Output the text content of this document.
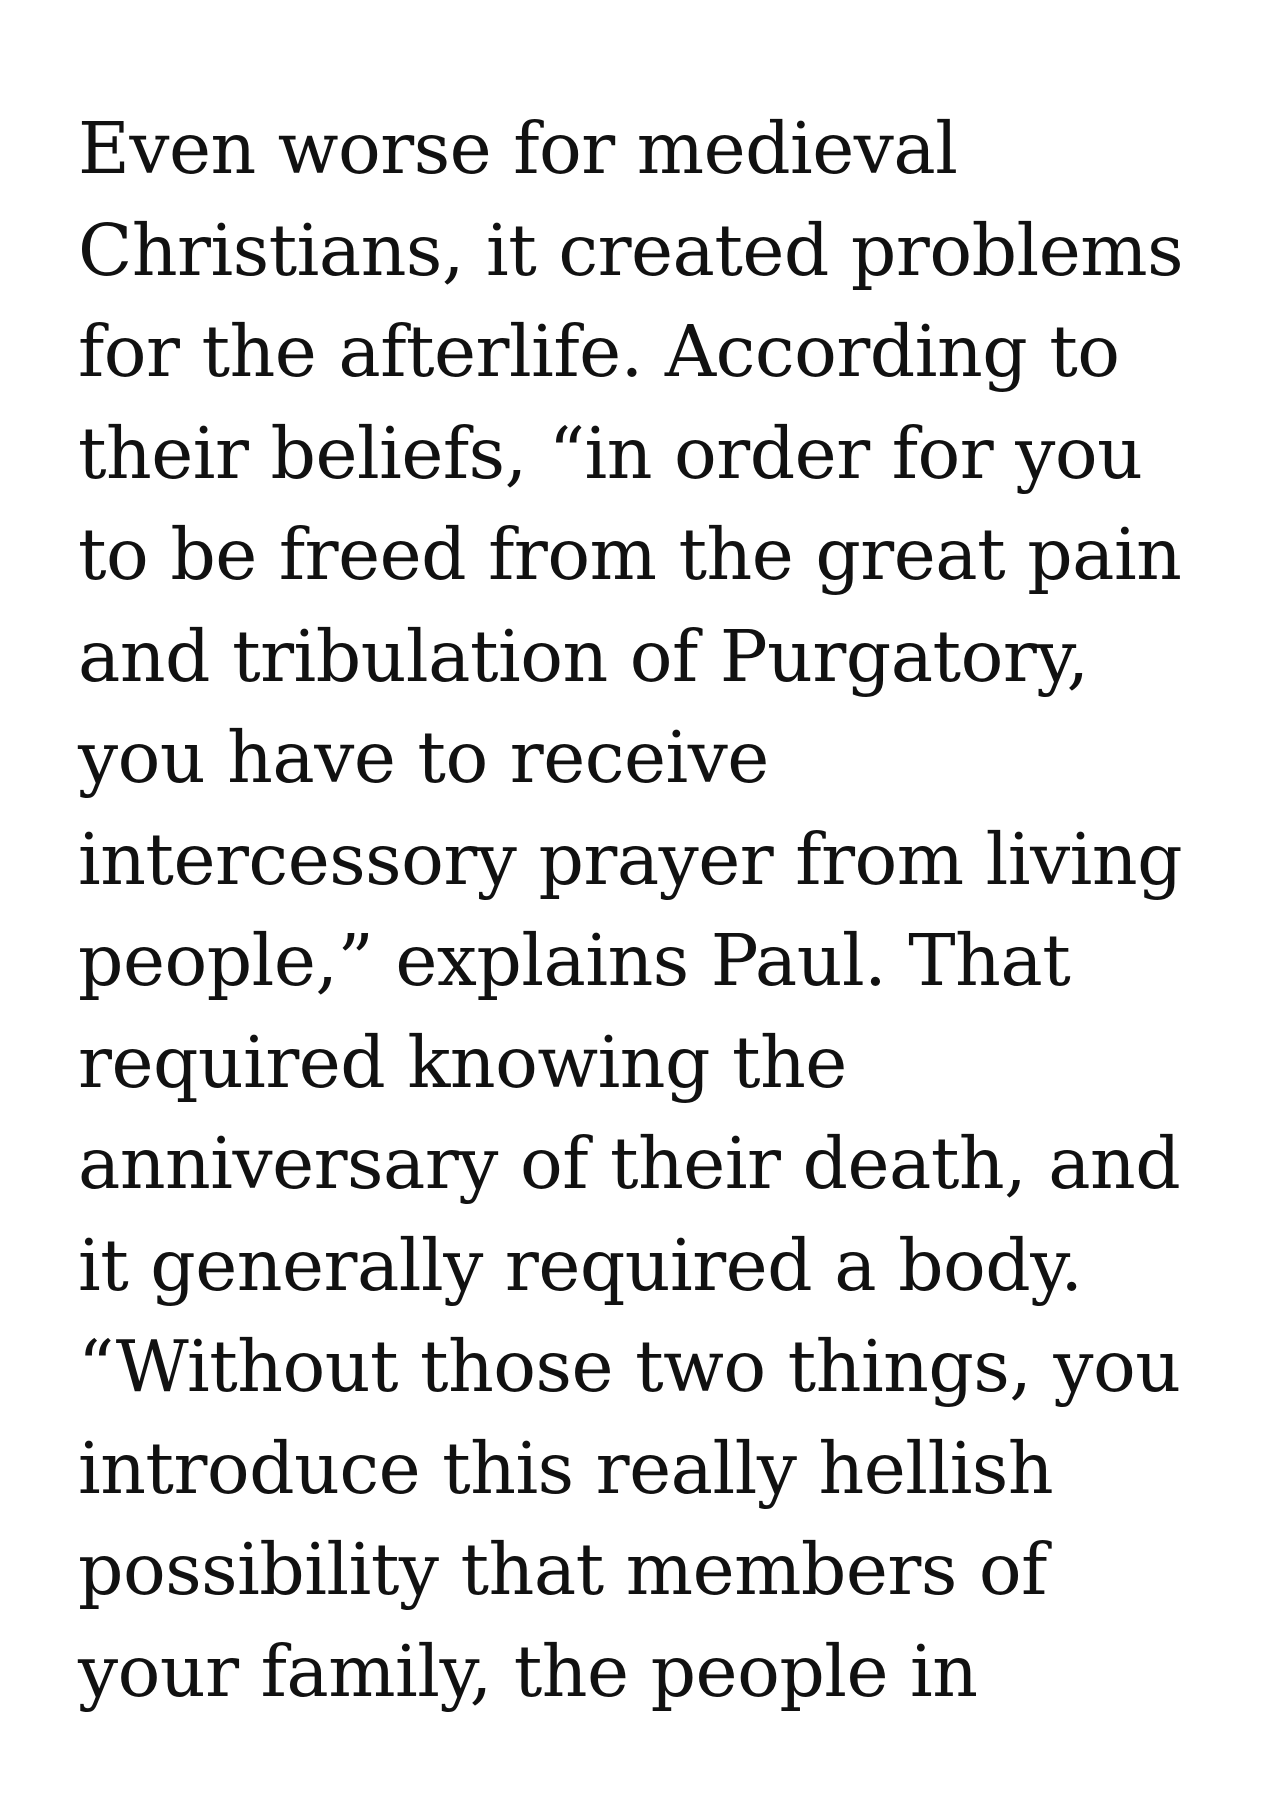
Even worse for medieval
Christians, it created problems
for the afterlife. According to
their beliefs, “in order for you
to be freed from the great pain
and tribulation of Purgatory,
you have to receive
intercessory prayer from living
people,” explains Paul. That
required knowing the
anniversary of their death, and
it generally required a body.
“Without those two things, you
introduce this really hellish
possibility that members of
your family, the people in
